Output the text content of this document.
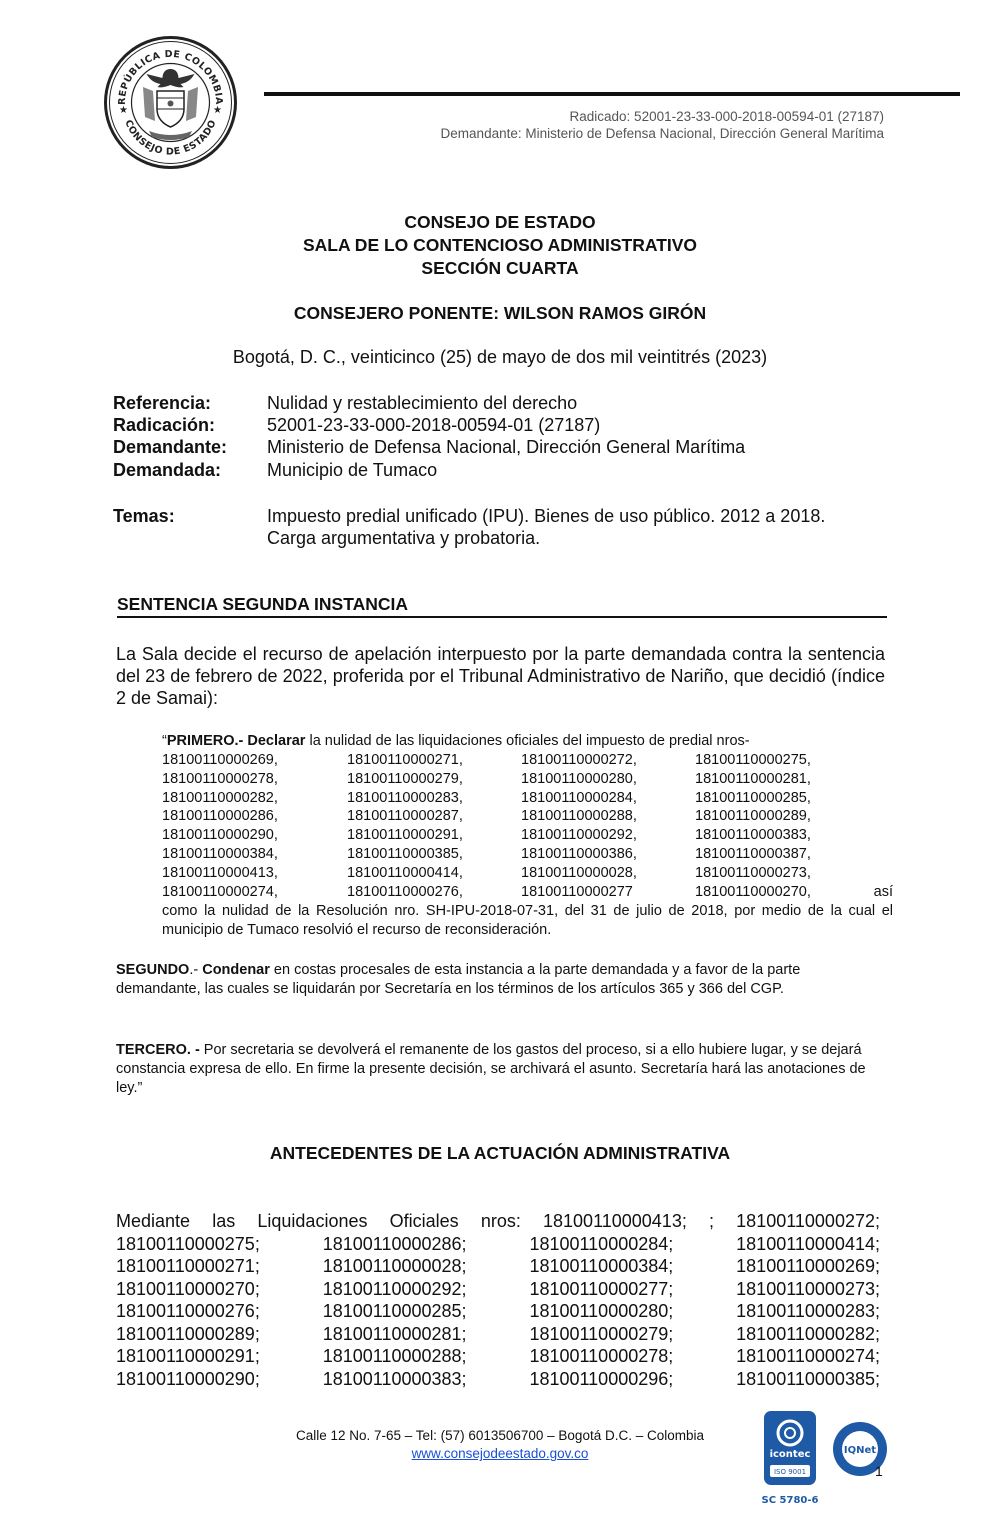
REPÚBLICA DE COLOMBIA
CONSEJO DE ESTADO
★	★	Radicado: 52001-23-33-000-2018-00594-01 (27187)
Demandante: Ministerio de Defensa Nacional, Dirección General Marítima
CONSEJO DE ESTADO
SALA DE LO CONTENCIOSO ADMINISTRATIVO
SECCIÓN CUARTA
CONSEJERO PONENTE: WILSON RAMOS GIRÓN
Bogotá, D. C., veinticinco (25) de mayo de dos mil veintitrés (2023)
Referencia:	Nulidad y restablecimiento del derecho
Radicación:	52001-23-33-000-2018-00594-01 (27187)
Demandante: Ministerio de Defensa Nacional, Dirección General Marítima
Demandada:	Municipio de Tumaco
Temas:	Impuesto predial unificado (IPU). Bienes de uso público. 2012 a 2018.
Carga argumentativa y probatoria.
SENTENCIA SEGUNDA INSTANCIA
La Sala decide el recurso de apelación interpuesto por la parte demandada contra la sentencia del 23 de febrero de 2022, proferida por el Tribunal Administrativo de Nariño, que decidió (índice 2 de Samai):
“PRIMERO.- Declarar la nulidad de las liquidaciones oficiales del impuesto de predial nros-
18100110000269,	18100110000271,	18100110000272,	18100110000275,
18100110000278,	18100110000279,	18100110000280,	18100110000281,
18100110000282,	18100110000283,	18100110000284,	18100110000285,
18100110000286,	18100110000287,	18100110000288,	18100110000289,
18100110000290,	18100110000291,	18100110000292,	18100110000383,
18100110000384,	18100110000385,	18100110000386,	18100110000387,
18100110000413,	18100110000414,	18100110000028,	18100110000273,
18100110000274,	18100110000276,	18100110000277	18100110000270,	así
como la nulidad de la Resolución nro. SH-IPU-2018-07-31, del 31 de julio de 2018, por medio de la cual el municipio de Tumaco resolvió el recurso de reconsideración.
SEGUNDO.- Condenar en costas procesales de esta instancia a la parte demandada y a favor de la parte demandante, las cuales se liquidarán por Secretaría en los términos de los artículos 365 y 366 del CGP.
TERCERO. - Por secretaria se devolverá el remanente de los gastos del proceso, si a ello hubiere lugar, y se dejará constancia expresa de ello. En firme la presente decisión, se archivará el asunto. Secretaría hará las anotaciones de ley.”
ANTECEDENTES DE LA ACTUACIÓN ADMINISTRATIVA
Mediante las Liquidaciones Oficiales nros: 18100110000413; ; 18100110000272;
18100110000275;	18100110000286;	18100110000284;	18100110000414;
18100110000271;	18100110000028;	18100110000384;	18100110000269;
18100110000270;	18100110000292;	18100110000277;	18100110000273;
18100110000276;	18100110000285;	18100110000280;	18100110000283;
18100110000289;	18100110000281;	18100110000279;	18100110000282;
18100110000291;	18100110000288;	18100110000278;	18100110000274;
18100110000290;	18100110000383;	18100110000296;	18100110000385;
Calle 12 No. 7-65 – Tel: (57) 6013506700 – Bogotá D.C. – Colombia
www.consejodeestado.gov.co	icontec
ISO 9001
SC 5780-6
IQNet
1
